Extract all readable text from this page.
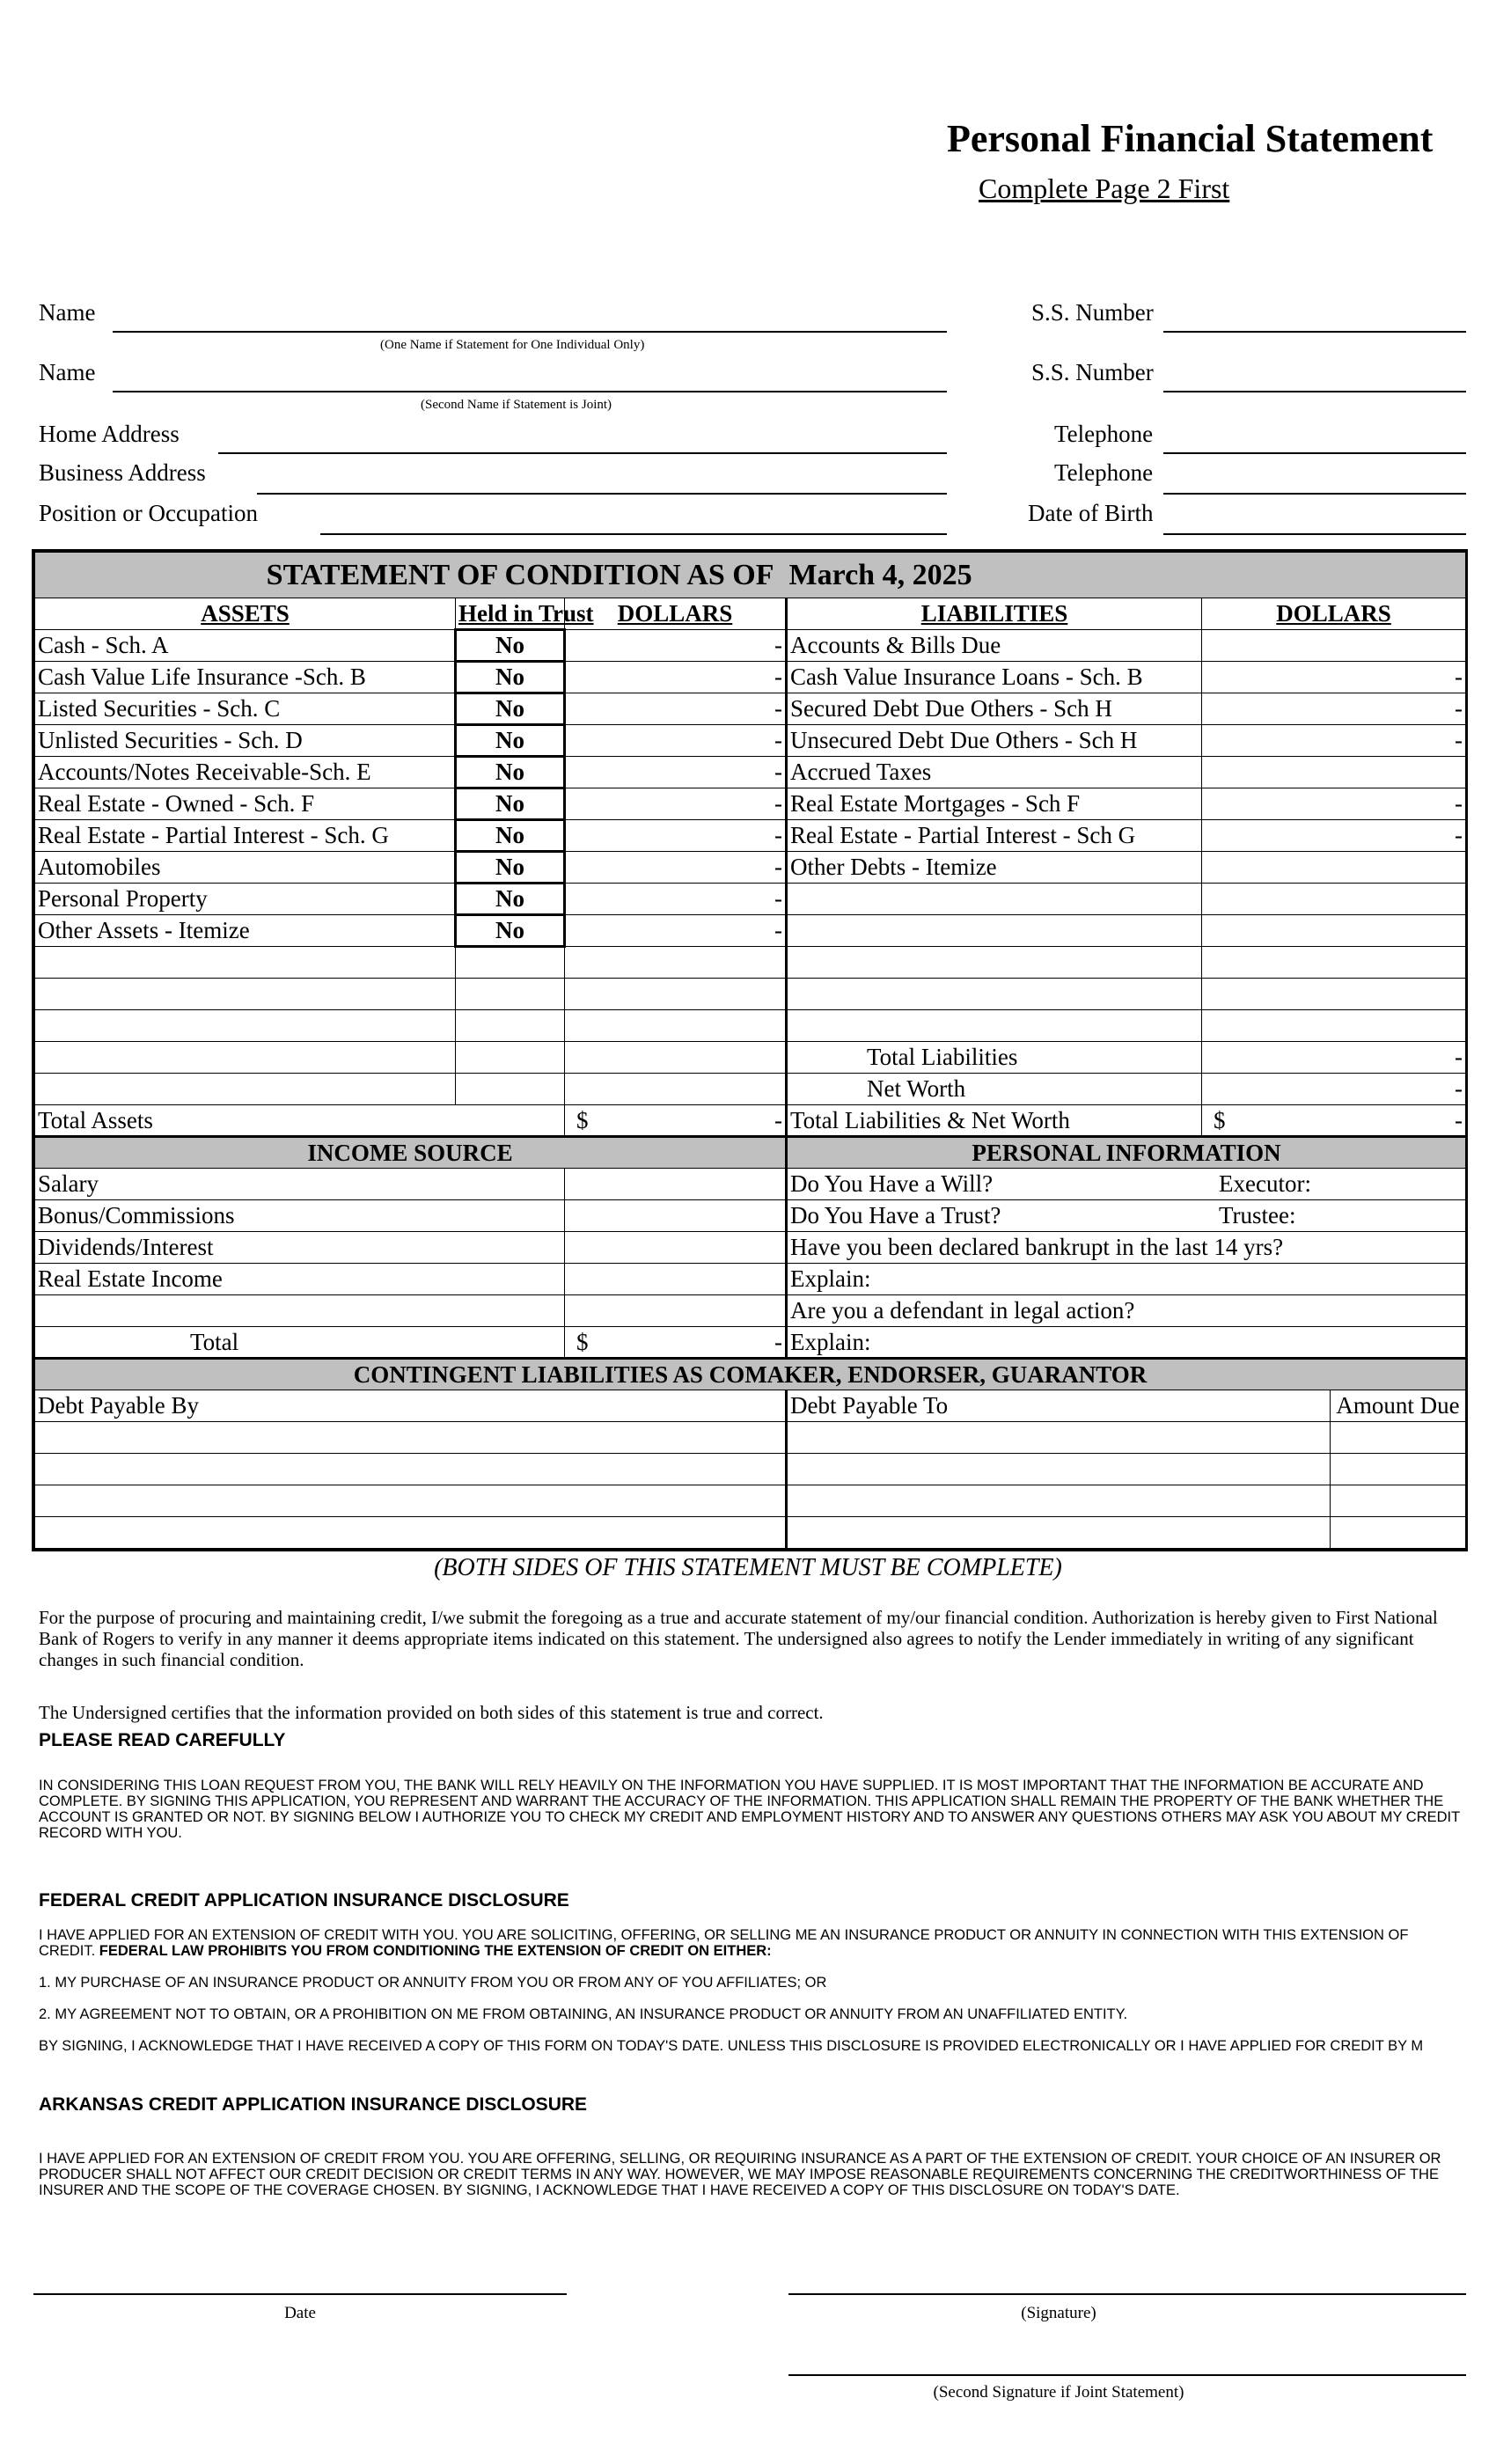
Personal Financial Statement
Complete Page 2 First
Name
(One Name if Statement for One Individual Only)
Name
(Second Name if Statement is Joint)
Home Address
Business Address
Position or Occupation
S.S. Number
S.S. Number
Telephone
Telephone
Date of Birth
STATEMENT OF CONDITION AS OF			March 4, 2025		
ASSETS	Held in Trust	DOLLARS	LIABILITIES	DOLLARS	
Cash - Sch. A	No	-	Accounts & Bills Due		
Cash Value Life Insurance -Sch. B	No	-	Cash Value Insurance Loans - Sch. B	-	
Listed Securities - Sch. C	No	-	Secured Debt Due Others - Sch H	-	
Unlisted Securities - Sch. D	No	-	Unsecured Debt Due Others - Sch H	-	
Accounts/Notes Receivable-Sch. E	No	-	Accrued Taxes		
Real Estate - Owned - Sch. F	No	-	Real Estate Mortgages - Sch F	-	
Real Estate - Partial Interest - Sch. G	No	-	Real Estate - Partial Interest - Sch G	-	
Automobiles	No	-	Other Debts - Itemize		
Personal Property	No	-			
Other Assets - Itemize	No	-			

			Total Liabilities	-	
			Net Worth	-	
Total Assets		$ -	Total Liabilities & Net Worth	$ -	

INCOME SOURCE			PERSONAL INFORMATION		
Salary			Do You Have a Will? Executor:		

Bonus/Commissions			Do You Have a Trust? Trustee:		

Dividends/Interest			Have you been declared bankrupt in the last 14 yrs?		
Real Estate Income			Explain:		
			Are you a defendant in legal action?		
Total		$ -	Explain:		
CONTINGENT LIABILITIES AS COMAKER, ENDORSER, GUARANTOR					
Debt Payable By			Debt Payable To		Amount Due

(BOTH SIDES OF THIS STATEMENT MUST BE COMPLETE)
For the purpose of procuring and maintaining credit, I/we submit the foregoing as a true and accurate statement of my/our financial condition. Authorization is hereby given to First National Bank of Rogers to verify in any manner it deems appropriate items indicated on this statement. The undersigned also agrees to notify the Lender immediately in writing of any significant changes in such financial condition.
The Undersigned certifies that the information provided on both sides of this statement is true and correct.
PLEASE READ CAREFULLY
IN CONSIDERING THIS LOAN REQUEST FROM YOU, THE BANK WILL RELY HEAVILY ON THE INFORMATION YOU HAVE SUPPLIED. IT IS MOST IMPORTANT THAT THE INFORMATION BE ACCURATE AND COMPLETE. BY SIGNING THIS APPLICATION, YOU REPRESENT AND WARRANT THE ACCURACY OF THE INFORMATION. THIS APPLICATION SHALL REMAIN THE PROPERTY OF THE BANK WHETHER THE ACCOUNT IS GRANTED OR NOT. BY SIGNING BELOW I AUTHORIZE YOU TO CHECK MY CREDIT AND EMPLOYMENT HISTORY AND TO ANSWER ANY QUESTIONS OTHERS MAY ASK YOU ABOUT MY CREDIT RECORD WITH YOU.
FEDERAL CREDIT APPLICATION INSURANCE DISCLOSURE
I HAVE APPLIED FOR AN EXTENSION OF CREDIT WITH YOU. YOU ARE SOLICITING, OFFERING, OR SELLING ME AN INSURANCE PRODUCT OR ANNUITY IN CONNECTION WITH THIS EXTENSION OF CREDIT. FEDERAL LAW PROHIBITS YOU FROM CONDITIONING THE EXTENSION OF CREDIT ON EITHER:
1. MY PURCHASE OF AN INSURANCE PRODUCT OR ANNUITY FROM YOU OR FROM ANY OF YOU AFFILIATES; OR
2. MY AGREEMENT NOT TO OBTAIN, OR A PROHIBITION ON ME FROM OBTAINING, AN INSURANCE PRODUCT OR ANNUITY FROM AN UNAFFILIATED ENTITY.
BY SIGNING, I ACKNOWLEDGE THAT I HAVE RECEIVED A COPY OF THIS FORM ON TODAY'S DATE. UNLESS THIS DISCLOSURE IS PROVIDED ELECTRONICALLY OR I HAVE APPLIED FOR CREDIT BY M
ARKANSAS CREDIT APPLICATION INSURANCE DISCLOSURE
I HAVE APPLIED FOR AN EXTENSION OF CREDIT FROM YOU. YOU ARE OFFERING, SELLING, OR REQUIRING INSURANCE AS A PART OF THE EXTENSION OF CREDIT. YOUR CHOICE OF AN INSURER OR PRODUCER SHALL NOT AFFECT OUR CREDIT DECISION OR CREDIT TERMS IN ANY WAY. HOWEVER, WE MAY IMPOSE REASONABLE REQUIREMENTS CONCERNING THE CREDITWORTHINESS OF THE INSURER AND THE SCOPE OF THE COVERAGE CHOSEN. BY SIGNING, I ACKNOWLEDGE THAT I HAVE RECEIVED A COPY OF THIS DISCLOSURE ON TODAY'S DATE.
Date	(Signature)
(Second Signature if Joint Statement)
